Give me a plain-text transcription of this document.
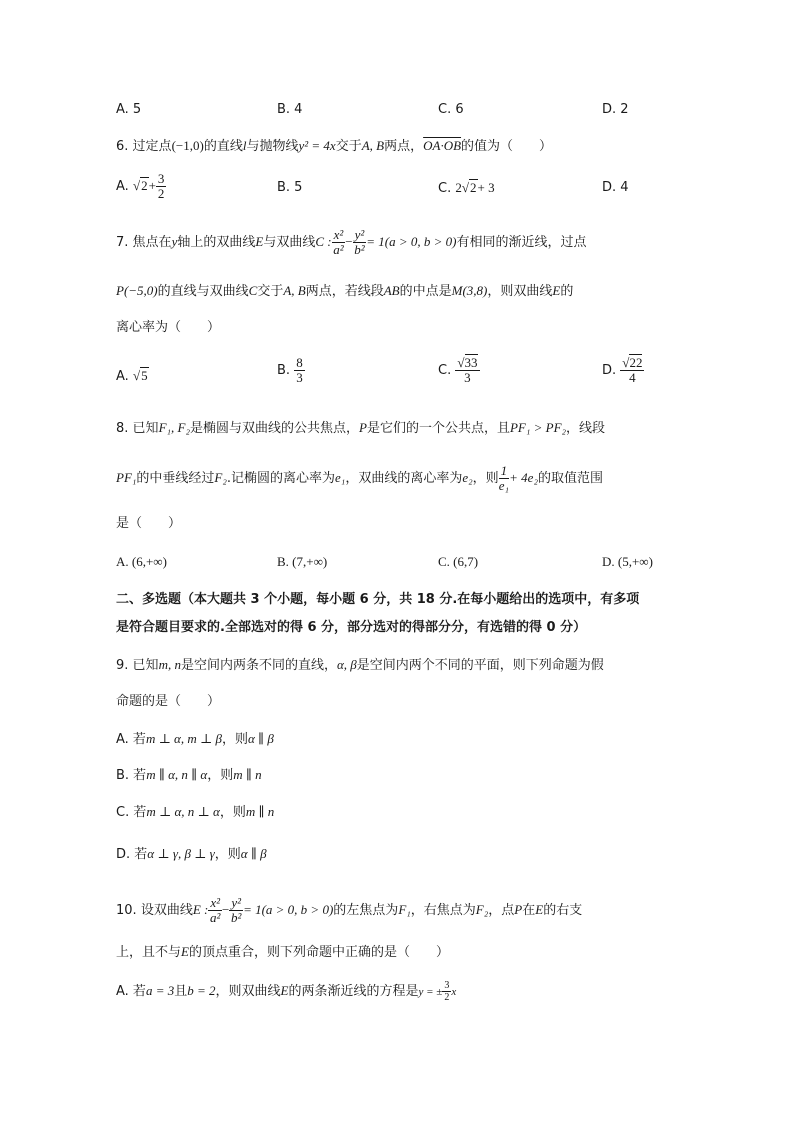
A. 5	B. 4	C. 6	D. 2
6. 过定点(−1,0)的直线l与抛物线y² = 4x交于A, B两点，OA·OB的值为（　　）
A. $√2+ \frac{3}{2}$	B. 5	C. 2√2+ 3	D. 4
7. 焦点在y轴上的双曲线E与双曲线C : $\frac{\text{x²}}{\text{a²}} - \frac{\text{y²}}{\text{b²}} = 1(a > 0$, b > 0)有相同的渐近线，过点
P(−5,0)的直线与双曲线C交于A, B两点，若线段AB的中点是M(3,8)，则双曲线E的
离心率为（　　）
A. √5	B. $\frac{8}{3}$	C. $\frac{√33}{3}$	D. $\frac{√22}{4}$
8. 已知F₁, F₂是椭圆与双曲线的公共焦点，P是它们的一个公共点，且PF₁ > PF₂，线段
PF₁的中垂线经过F₂.记椭圆的离心率为e₁，双曲线的离心率为e₂，则 $\frac{1}{\text{e₁}} + 4e_2$的取值范围
是（　　）
A. (6,+∞)	B. (7,+∞)	C. (6,7)	D. (5,+∞)
二、多选题（本大题共 3 个小题，每小题 6 分，共 18 分.在每小题给出的选项中，有多项
是符合题目要求的.全部选对的得 6 分，部分选对的得部分分，有选错的得 0 分）
9. 已知m, n是空间内两条不同的直线，α, β是空间内两个不同的平面，则下列命题为假
命题的是（　　）
A. 若m ⊥ α, m ⊥ β，则α ∥ β
B. 若m ∥ α, n ∥ α，则m ∥ n
C. 若m ⊥ α, n ⊥ α，则m ∥ n
D. 若α ⊥ γ, β ⊥ γ，则α ∥ β
10. 设双曲线E : $\frac{\text{x²}}{\text{a²}} - \frac{\text{y²}}{\text{b²}} = 1(a > 0$, b > 0)的左焦点为F₁，右焦点为F₂，点P在E的右支
上，且不与E的顶点重合，则下列命题中正确的是（　　）
A. 若a = 3且b = 2，则双曲线E的两条渐近线的方程是y = ± $\frac{3}{2}$ x
